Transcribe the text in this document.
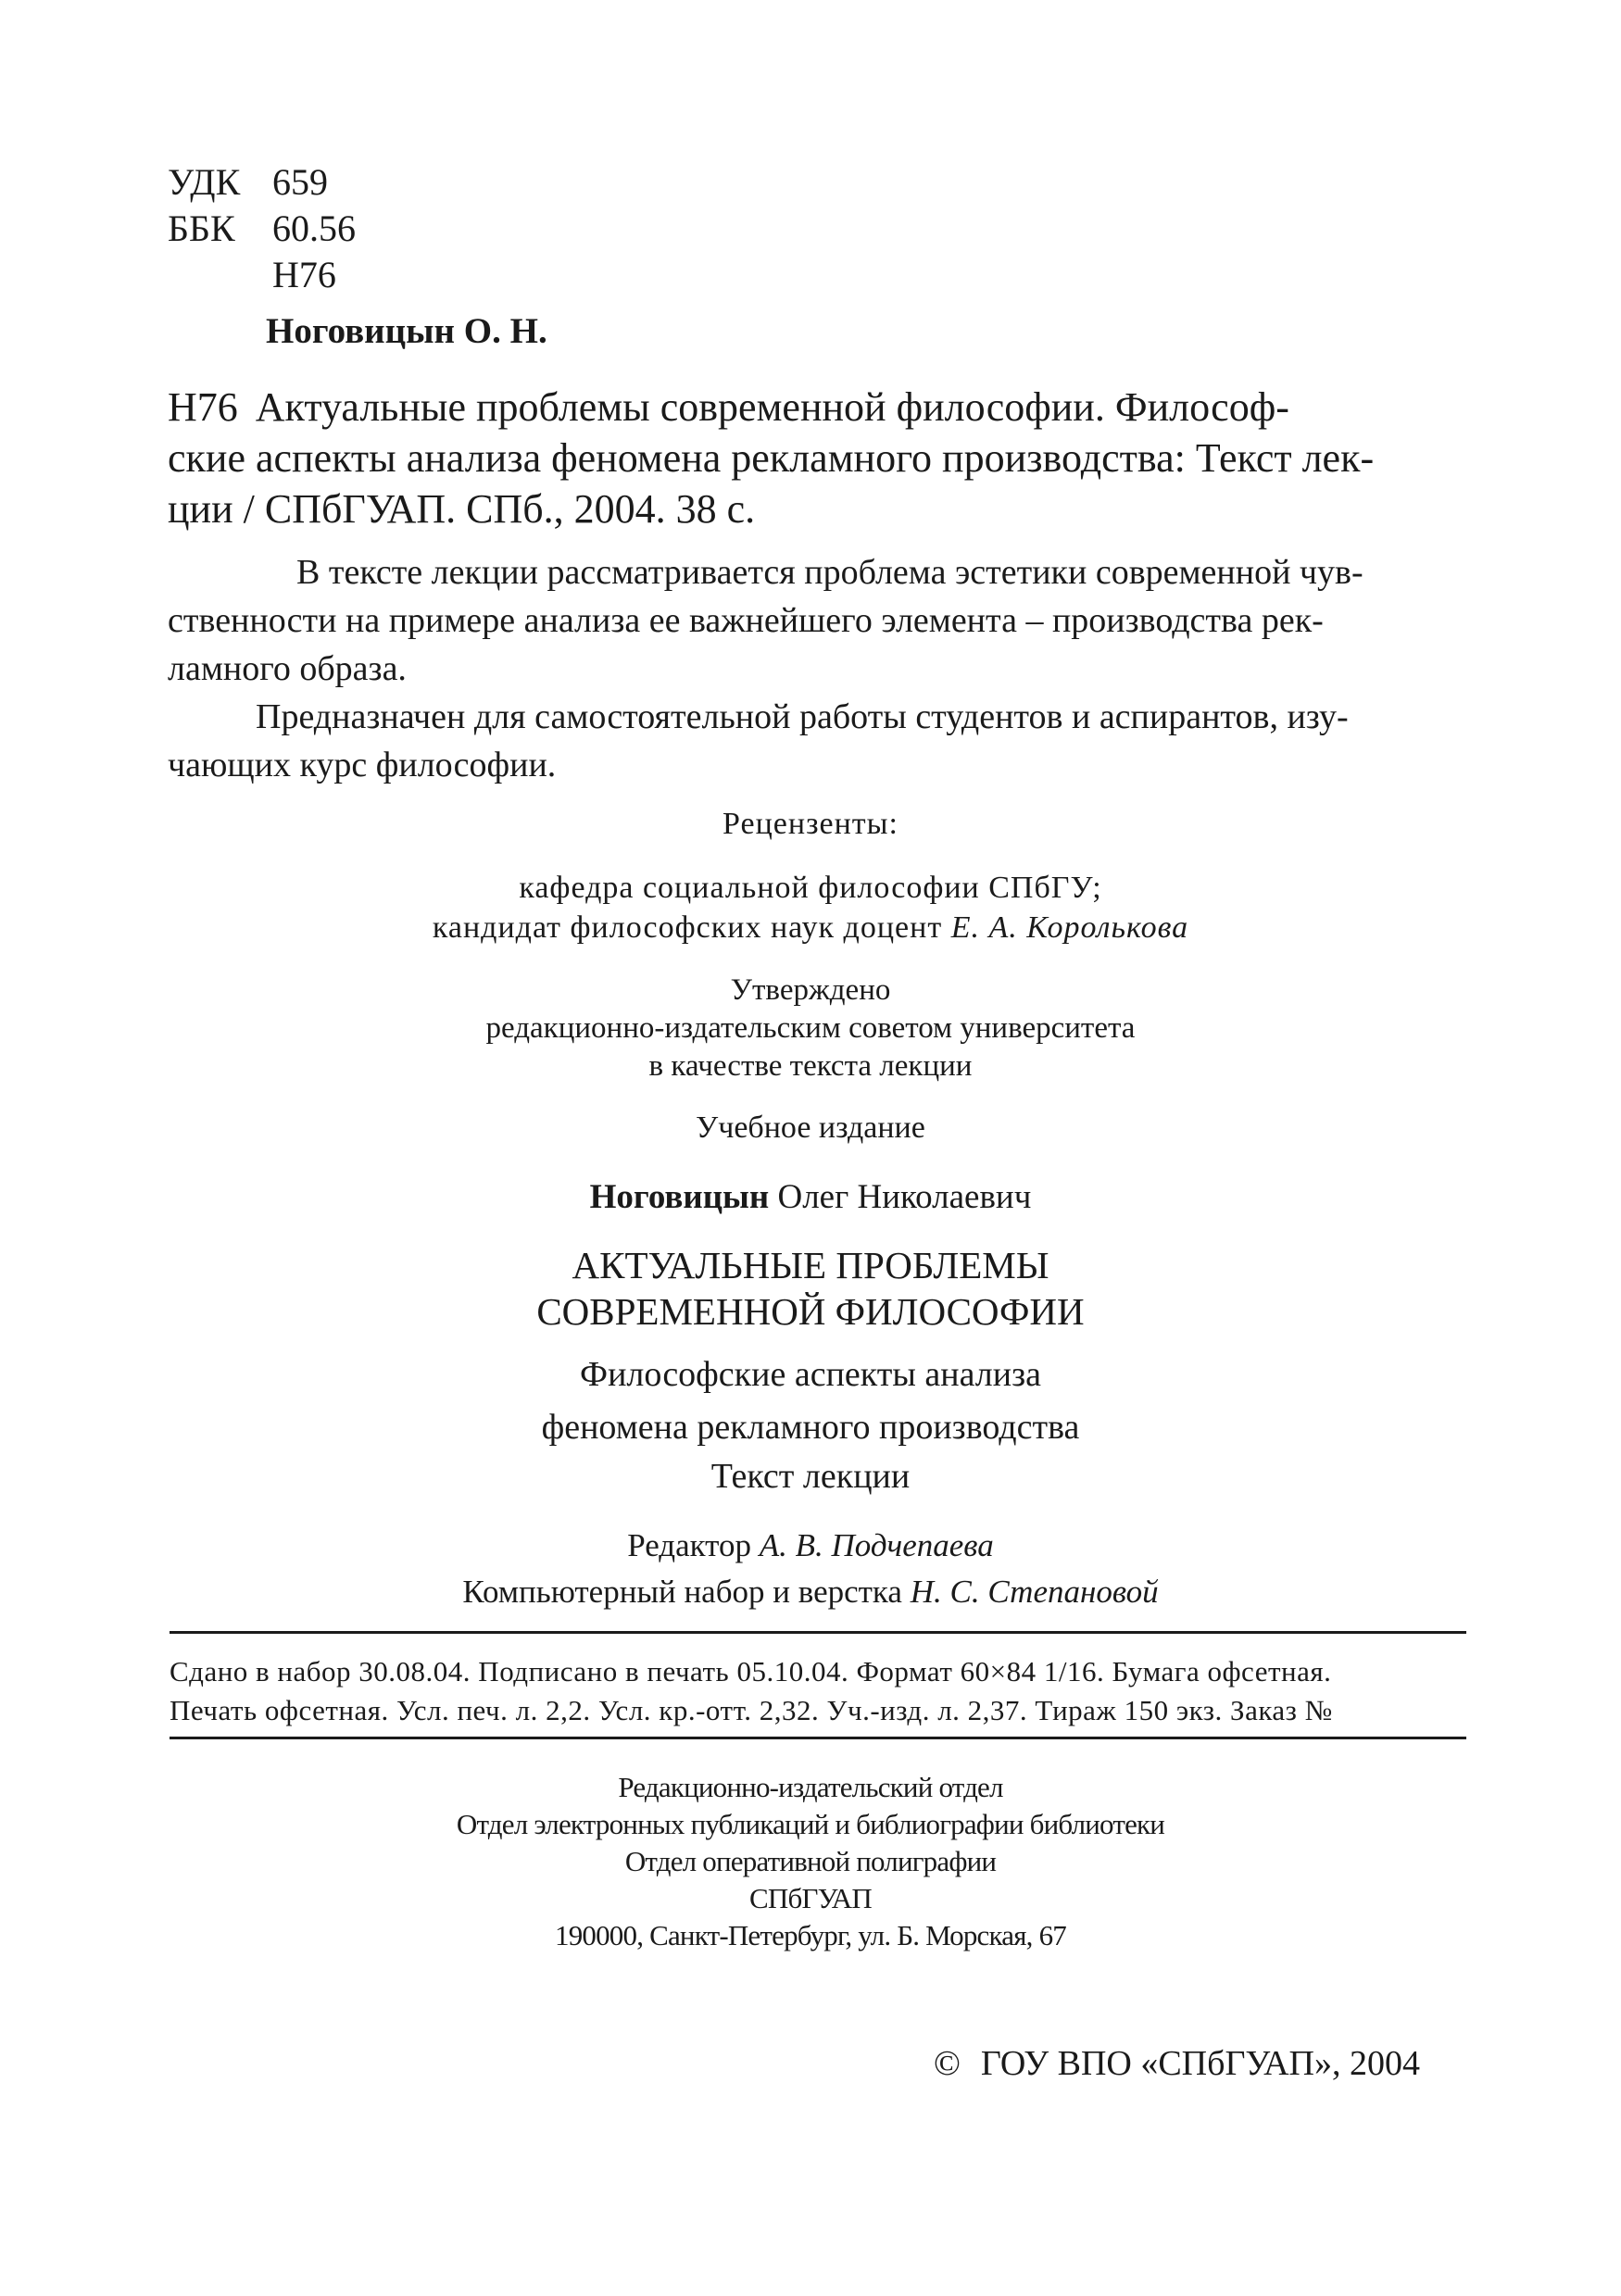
УДК 659
ББК 60.56
Н76
Ноговицын О. Н.
Н76 Актуальные проблемы современной философии. Философ-
ские аспекты анализа феномена рекламного производства: Текст лек-
ции / СПбГУАП. СПб., 2004. 38 с.
В тексте лекции рассматривается проблема эстетики современной чув-
ственности на примере анализа ее важнейшего элемента – производства рек-
ламного образа.
Предназначен для самостоятельной работы студентов и аспирантов, изу-
чающих курс философии.
Рецензенты:
кафедра социальной философии СПбГУ;
кандидат философских наук доцент Е. А. Королькова
Утверждено
редакционно-издательским советом университета
в качестве текста лекции
Учебное издание
Ноговицын Олег Николаевич
АКТУАЛЬНЫЕ ПРОБЛЕМЫ
СОВРЕМЕННОЙ ФИЛОСОФИИ
Философские аспекты анализа
феномена рекламного производства
Текст лекции
Редактор А. В. Подчепаева
Компьютерный набор и верстка Н. С. Степановой
Сдано в набор 30.08.04. Подписано в печать 05.10.04. Формат 60×84 1/16. Бумага офсетная.
Печать офсетная. Усл. печ. л. 2,2. Усл. кр.-отт. 2,32. Уч.-изд. л. 2,37. Тираж 150 экз. Заказ №
Редакционно-издательский отдел
Отдел электронных публикаций и библиографии библиотеки
Отдел оперативной полиграфии
СПбГУАП
190000, Санкт-Петербург, ул. Б. Морская, 67
© ГОУ ВПО «СПбГУАП», 2004
